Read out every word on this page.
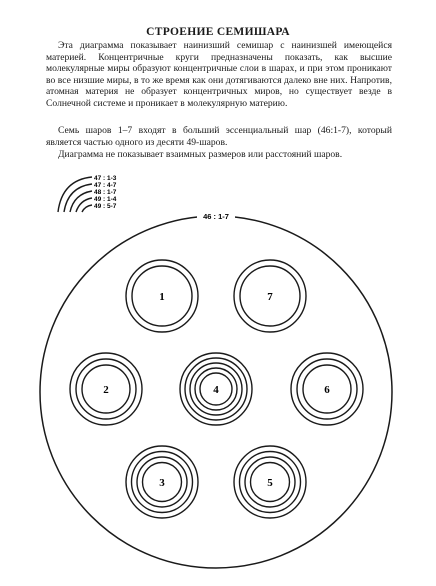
СТРОЕНИЕ СЕМИШАРА
Эта диаграмма показывает наинизший семишар с наинизшей имеющейся материей. Концентричные круги предназначены показать, как высшие молекулярные миры образуют концентричные слои в шарах, и при этом проникают во все низшие миры, в то же время как они дотягиваются далеко вне них. Напротив, атомная материя не образует концентричных миров, но существует везде в Солнечной системе и проникает в молекулярную материю.
Семь шаров 1–7 входят в больший эссенциальный шар (46:1-7), который является частью одного из десяти 49-шаров.
Диаграмма не показывает взаимных размеров или расстояний шаров.
47 : 1-3
47 : 4-7
48 : 1-7
49 : 1-4
49 : 5-7
46 : 1-7
1	7
2	4	6
3	5
